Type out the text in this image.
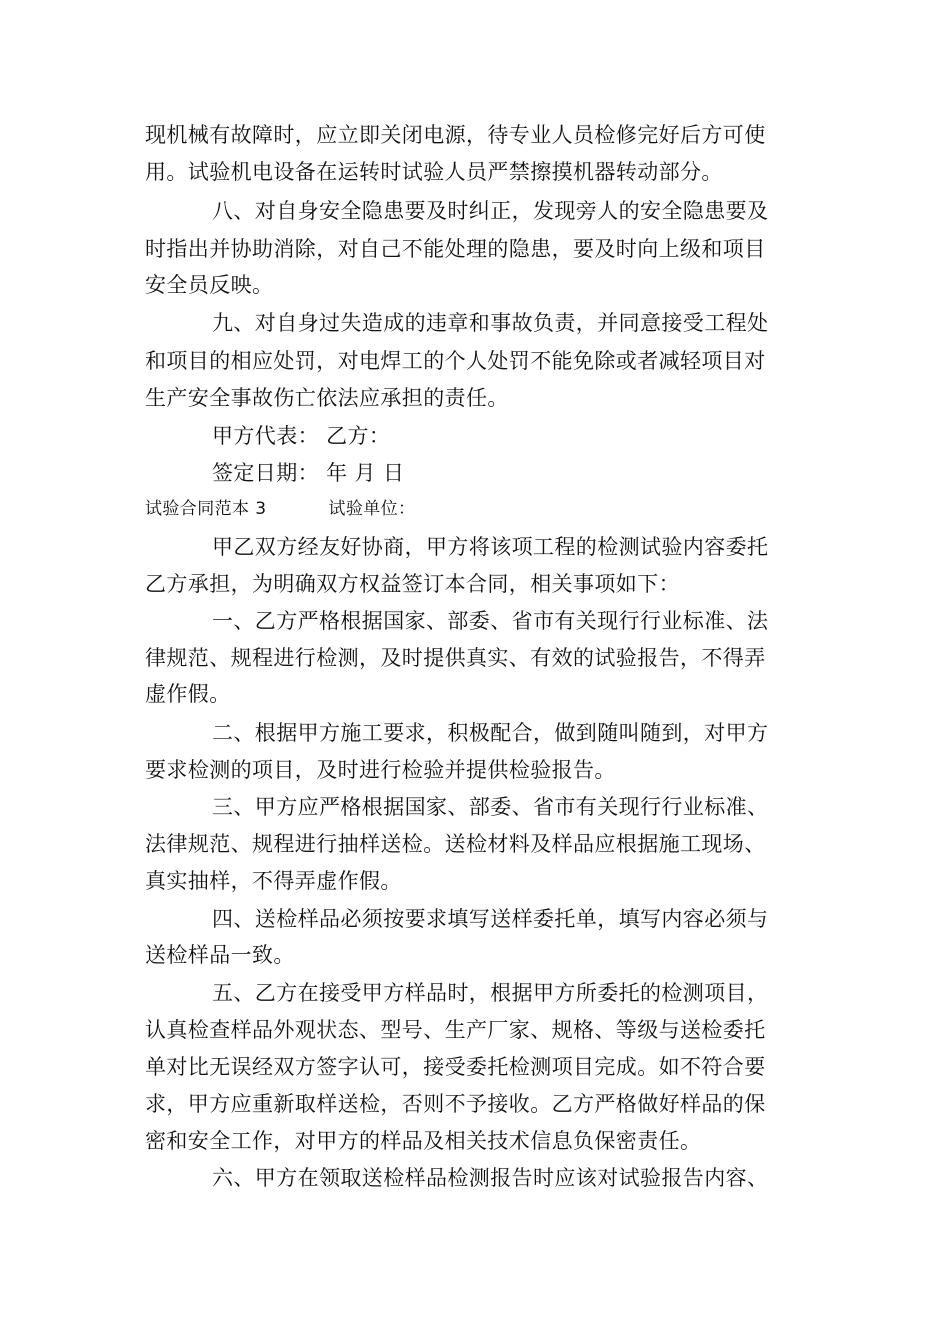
现机械有故障时，应立即关闭电源，待专业人员检修完好后方可使
用。试验机电设备在运转时试验人员严禁擦摸机器转动部分。
八、对自身安全隐患要及时纠正，发现旁人的安全隐患要及
时指出并协助消除，对自己不能处理的隐患，要及时向上级和项目
安全员反映。
九、对自身过失造成的违章和事故负责，并同意接受工程处
和项目的相应处罚，对电焊工的个人处罚不能免除或者减轻项目对
生产安全事故伤亡依法应承担的责任。
甲方代表： 乙方：
签定日期： 年 月 日
试验合同范本 3	试验单位：
甲乙双方经友好协商，甲方将该项工程的检测试验内容委托
乙方承担，为明确双方权益签订本合同，相关事项如下：
一、乙方严格根据国家、部委、省市有关现行行业标准、法
律规范、规程进行检测，及时提供真实、有效的试验报告，不得弄
虚作假。
二、根据甲方施工要求，积极配合，做到随叫随到，对甲方
要求检测的项目，及时进行检验并提供检验报告。
三、甲方应严格根据国家、部委、省市有关现行行业标准、
法律规范、规程进行抽样送检。送检材料及样品应根据施工现场、
真实抽样，不得弄虚作假。
四、送检样品必须按要求填写送样委托单，填写内容必须与
送检样品一致。
五、乙方在接受甲方样品时，根据甲方所委托的检测项目，
认真检查样品外观状态、型号、生产厂家、规格、等级与送检委托
单对比无误经双方签字认可，接受委托检测项目完成。如不符合要
求，甲方应重新取样送检，否则不予接收。乙方严格做好样品的保
密和安全工作，对甲方的样品及相关技术信息负保密责任。
六、甲方在领取送检样品检测报告时应该对试验报告内容、
